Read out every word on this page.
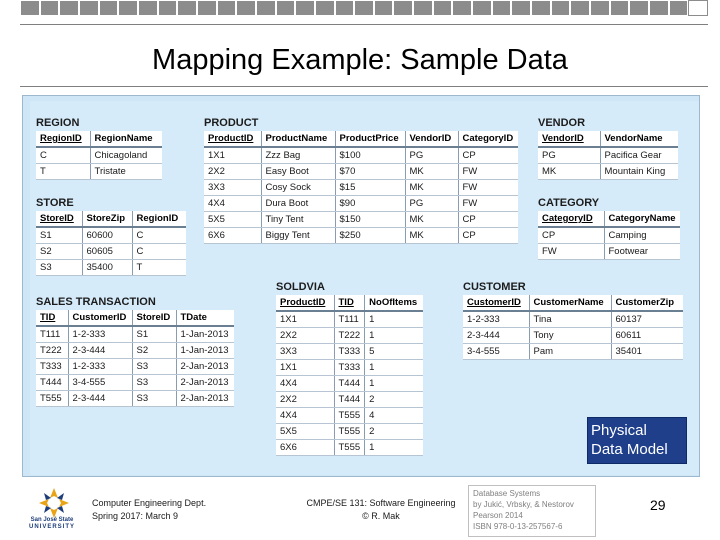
Mapping Example: Sample Data
REGION
RegionID	RegionName
C	Chicagoland
T	Tristate
PRODUCT
ProductID	ProductName	ProductPrice	VendorID	CategoryID
1X1	Zzz Bag	$100	PG	CP
2X2	Easy Boot	$70	MK	FW
3X3	Cosy Sock	$15	MK	FW
4X4	Dura Boot	$90	PG	FW
5X5	Tiny Tent	$150	MK	CP
6X6	Biggy Tent	$250	MK	CP
VENDOR
VendorID	VendorName
PG	Pacifica Gear
MK	Mountain King
STORE
StoreID	StoreZip	RegionID
S1	60600	C
S2	60605	C
S3	35400	T
CATEGORY
CategoryID	CategoryName
CP	Camping
FW	Footwear
SOLDVIA
ProductID	TID	NoOfItems
1X1	T111	1
2X2	T222	1
3X3	T333	5
1X1	T333	1
4X4	T444	1
2X2	T444	2
4X4	T555	4
5X5	T555	2
6X6	T555	1
CUSTOMER
CustomerID	CustomerName	CustomerZip
1-2-333	Tina	60137
2-3-444	Tony	60611
3-4-555	Pam	35401
SALES TRANSACTION
TID	CustomerID	StoreID	TDate
T111	1-2-333	S1	1-Jan-2013
T222	2-3-444	S2	1-Jan-2013
T333	1-2-333	S3	2-Jan-2013
T444	3-4-555	S3	2-Jan-2013
T555	2-3-444	S3	2-Jan-2013
Physical
Data Model
San José State
UNIVERSITY
Computer Engineering Dept.
Spring 2017: March 9
CMPE/SE 131: Software Engineering
© R. Mak
Database Systems
by Jukić, Vrbsky, & Nestorov
Pearson 2014
ISBN 978-0-13-257567-6
29
